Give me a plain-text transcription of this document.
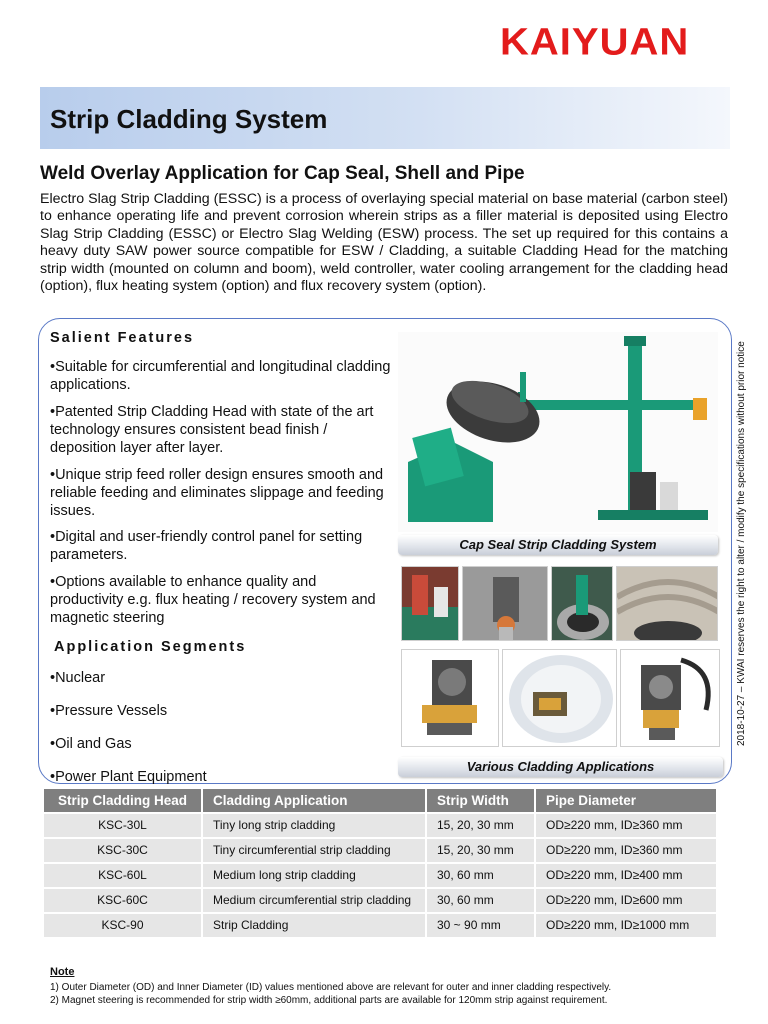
KAIYUAN
Strip Cladding System
Weld Overlay Application for Cap Seal, Shell and Pipe

Electro Slag Strip Cladding (ESSC) is a process of overlaying special material on base material (carbon steel) to enhance operating life and prevent corrosion wherein strips as a filler material is deposited using Electro Slag Strip Cladding (ESSC) or Electro Slag Welding (ESW) process. The set up required for this contains a heavy duty SAW power source compatible for ESW / Cladding, a suitable Cladding Head for the matching strip width (mounted on column and boom), weld controller, water cooling arrangement for the cladding head (option), flux heating system (option) and flux recovery system (option).

Salient Features
•Suitable for circumferential and longitudinal cladding applications.
•Patented Strip Cladding Head with state of the art technology ensures consistent bead finish / deposition layer after layer.
•Unique strip feed roller design ensures smooth and reliable feeding and eliminates slippage and feeding issues.
•Digital and user-friendly control panel for setting parameters.
•Options available to enhance quality and productivity e.g. flux heating / recovery system and magnetic steering
Application Segments
•Nuclear
•Pressure Vessels
•Oil and Gas
•Power Plant Equipment
Cap Seal Strip Cladding System
Various Cladding Applications
2018-10-27 – KWAI reserves the right to alter / modify the specifications without prior notice
Strip Cladding Head	Cladding Application	Strip Width	Pipe Diameter
KSC-30L	Tiny long strip cladding	15, 20, 30 mm	OD≥220 mm, ID≥360 mm
KSC-30C	Tiny circumferential strip cladding	15, 20, 30 mm	OD≥220 mm, ID≥360 mm
KSC-60L	Medium long strip cladding	30, 60 mm	OD≥220 mm, ID≥400 mm
KSC-60C	Medium circumferential strip cladding	30, 60 mm	OD≥220 mm, ID≥600 mm
KSC-90	Strip Cladding	30 ~ 90 mm	OD≥220 mm, ID≥1000 mm
Note
1) Outer Diameter (OD) and Inner Diameter (ID) values mentioned above are relevant for outer and inner cladding respectively.
2) Magnet steering is recommended for strip width ≥60mm, additional parts are available for 120mm strip against requirement.
